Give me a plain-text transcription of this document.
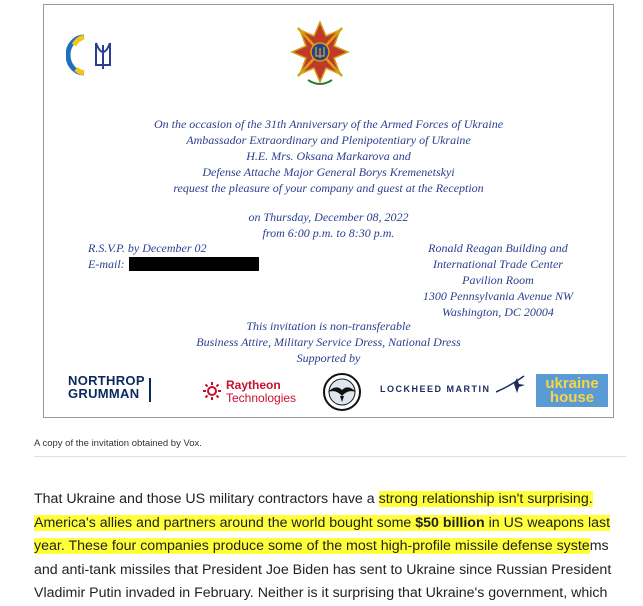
On the occasion of the 31th Anniversary of the Armed Forces of Ukraine
Ambassador Extraordinary and Plenipotentiary of Ukraine
H.E. Mrs. Oksana Markarova and
Defense Attache Major General Borys Kremenetskyi
request the pleasure of your company and guest at the Reception
on Thursday, December 08, 2022
from 6:00 p.m. to 8:30 p.m.
R.S.V.P. by December 02
E-mail:
Ronald Reagan Building and
International Trade Center
Pavilion Room
1300 Pennsylvania Avenue NW
Washington, DC 20004
This invitation is non-transferable
Business Attire, Military Service Dress, National Dress
Supported by
NORTHROP
GRUMMAN
Raytheon
Technologies
LOCKHEED MARTIN	ukraine
house
A copy of the invitation obtained by Vox.
That Ukraine and those US military contractors have a strong relationship isn't surprising.
America's allies and partners around the world bought some $50 billion in US weapons last
year. These four companies produce some of the most high-profile missile defense systems
and anti-tank missiles that President Joe Biden has sent to Ukraine since Russian President
Vladimir Putin invaded in February. Neither is it surprising that Ukraine's government, which
